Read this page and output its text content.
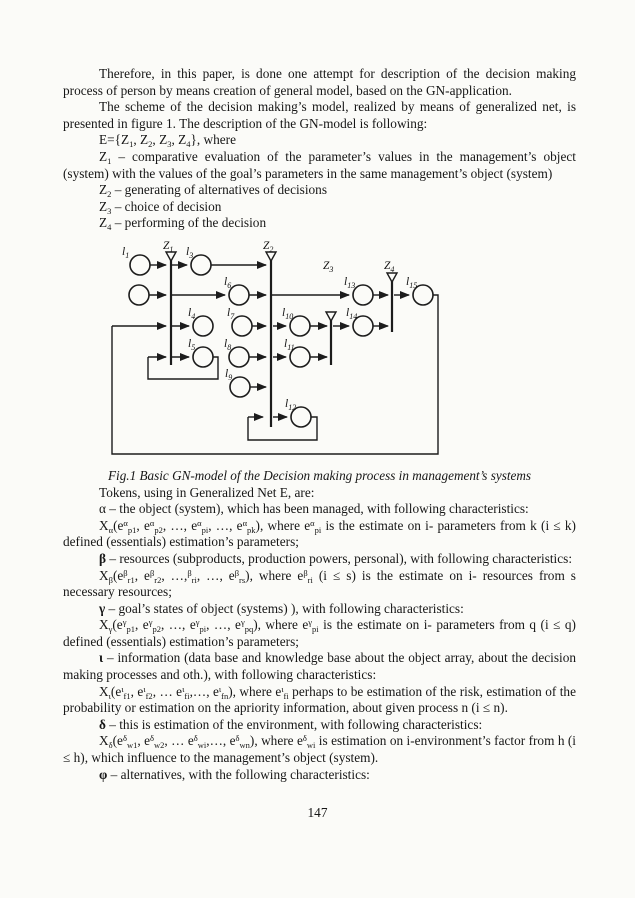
Therefore, in this paper, is done one attempt for description of the decision making process of person by means creation of general model, based on the GN-application.

The scheme of the decision making’s model, realized by means of generalized net, is presented in figure 1. The description of the GN-model is following:

$E=\{Z_1$, $Z_2$, $Z_3$, $Z_4$}, where

$Z_1$ – comparative evaluation of the parameter’s values in the management’s object (system) with the values of the goal’s parameters in the same management’s object (system)

$Z_2$ – generating of alternatives of decisions

$Z_3$ – choice of decision

$Z_4$ – performing of the decision

$Z_1$	$Z_2$
$Z_3$	$Z_4$
$l_1$	$l_3$
$l_6$	$l_{13}$	$l_{15}$
$l_4$	$l_7$	$l_{10}$	$l_{14}$
$l_5$	$l_8$	$l_{11}$
$l_9$
$l_{12}$

Fig.1 Basic GN-model of the Decision making process in management’s systems

Tokens, using in Generalized Net E, are:

α – the object (system), which has been managed, with following characteristics:

$X_\alpha(e^\alpha_{p1}$, $e^\alpha_{p2}$, …, $e^\alpha_{pi}$, …, $e^\alpha_{pk}$), where $e^\alpha_{pi}$ is the estimate on i- parameters from k (i ≤ k) defined (essentials) estimation’s parameters;

β – resources (subproducts, production powers, personal), with following characteristics:

$X_\beta(e^\beta_{r1}$, $e^\beta_{r2}$, …,$^\beta_{ri}$, …, $e^\beta_{rs}$), where $e^\beta_{ri}$ (i ≤ s) is the estimate on i- resources from s necessary resources;

γ – goal’s states of object (systems) ), with following characteristics:

$X_\gamma(e^\gamma_{p1}$, $e^\gamma_{p2}$, …, $e^\gamma_{pi}$, …, $e^\gamma_{pq}$), where $e^\gamma_{pi}$ is the estimate on i- parameters from q (i ≤ q) defined (essentials) estimation’s parameters;

ι – information (data base and knowledge base about the object array, about the decision making processes and oth.), with following characteristics:

$X_\iota(e^\iota_{f1}$, $e^\iota_{f2}$, … $e^\iota_{fi},\dots$, $e^\iota_{fn}$), where $e^\iota_{fi}$ perhaps to be estimation of the risk, estimation of the probability or estimation on the apriority information, about given process n (i ≤ n).

δ – this is estimation of the environment, with following characteristics:

$X_\delta(e^\delta_{w1}$, $e^\delta_{w2}$, … $e^\delta_{wi},\dots$, $e^\delta_{wn}$), where $e^\delta_{wi}$ is estimation on i-environment’s factor from h (i ≤ h), which influence to the management’s object (system).

φ – alternatives, with the following characteristics:

147
